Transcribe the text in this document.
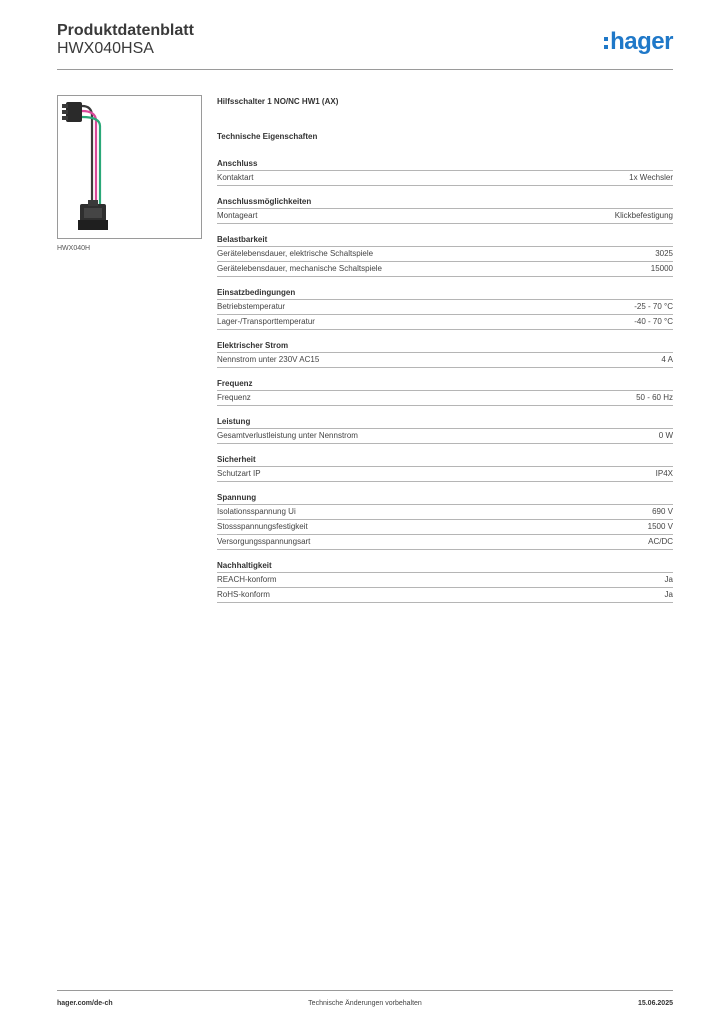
Produktdatenblatt
HWX040HSA	hager
HWX040H
Hilfsschalter 1 NO/NC HW1 (AX)
Technische Eigenschaften
Anschluss
Kontaktart	1x Wechsler
Anschlussmöglichkeiten
Montageart	Klickbefestigung
Belastbarkeit
Gerätelebensdauer, elektrische Schaltspiele	3025
Gerätelebensdauer, mechanische Schaltspiele	15000
Einsatzbedingungen
Betriebstemperatur	-25 - 70 °C
Lager-/Transporttemperatur	-40 - 70 °C
Elektrischer Strom
Nennstrom unter 230V AC15	4 A
Frequenz
Frequenz	50 - 60 Hz
Leistung
Gesamtverlustleistung unter Nennstrom	0 W
Sicherheit
Schutzart IP	IP4X
Spannung
Isolationsspannung Ui	690 V
Stossspannungsfestigkeit	1500 V
Versorgungsspannungsart	AC/DC
Nachhaltigkeit
REACH-konform	Ja
RoHS-konform	Ja
hager.com/de-ch	Technische Änderungen vorbehalten	15.06.2025
